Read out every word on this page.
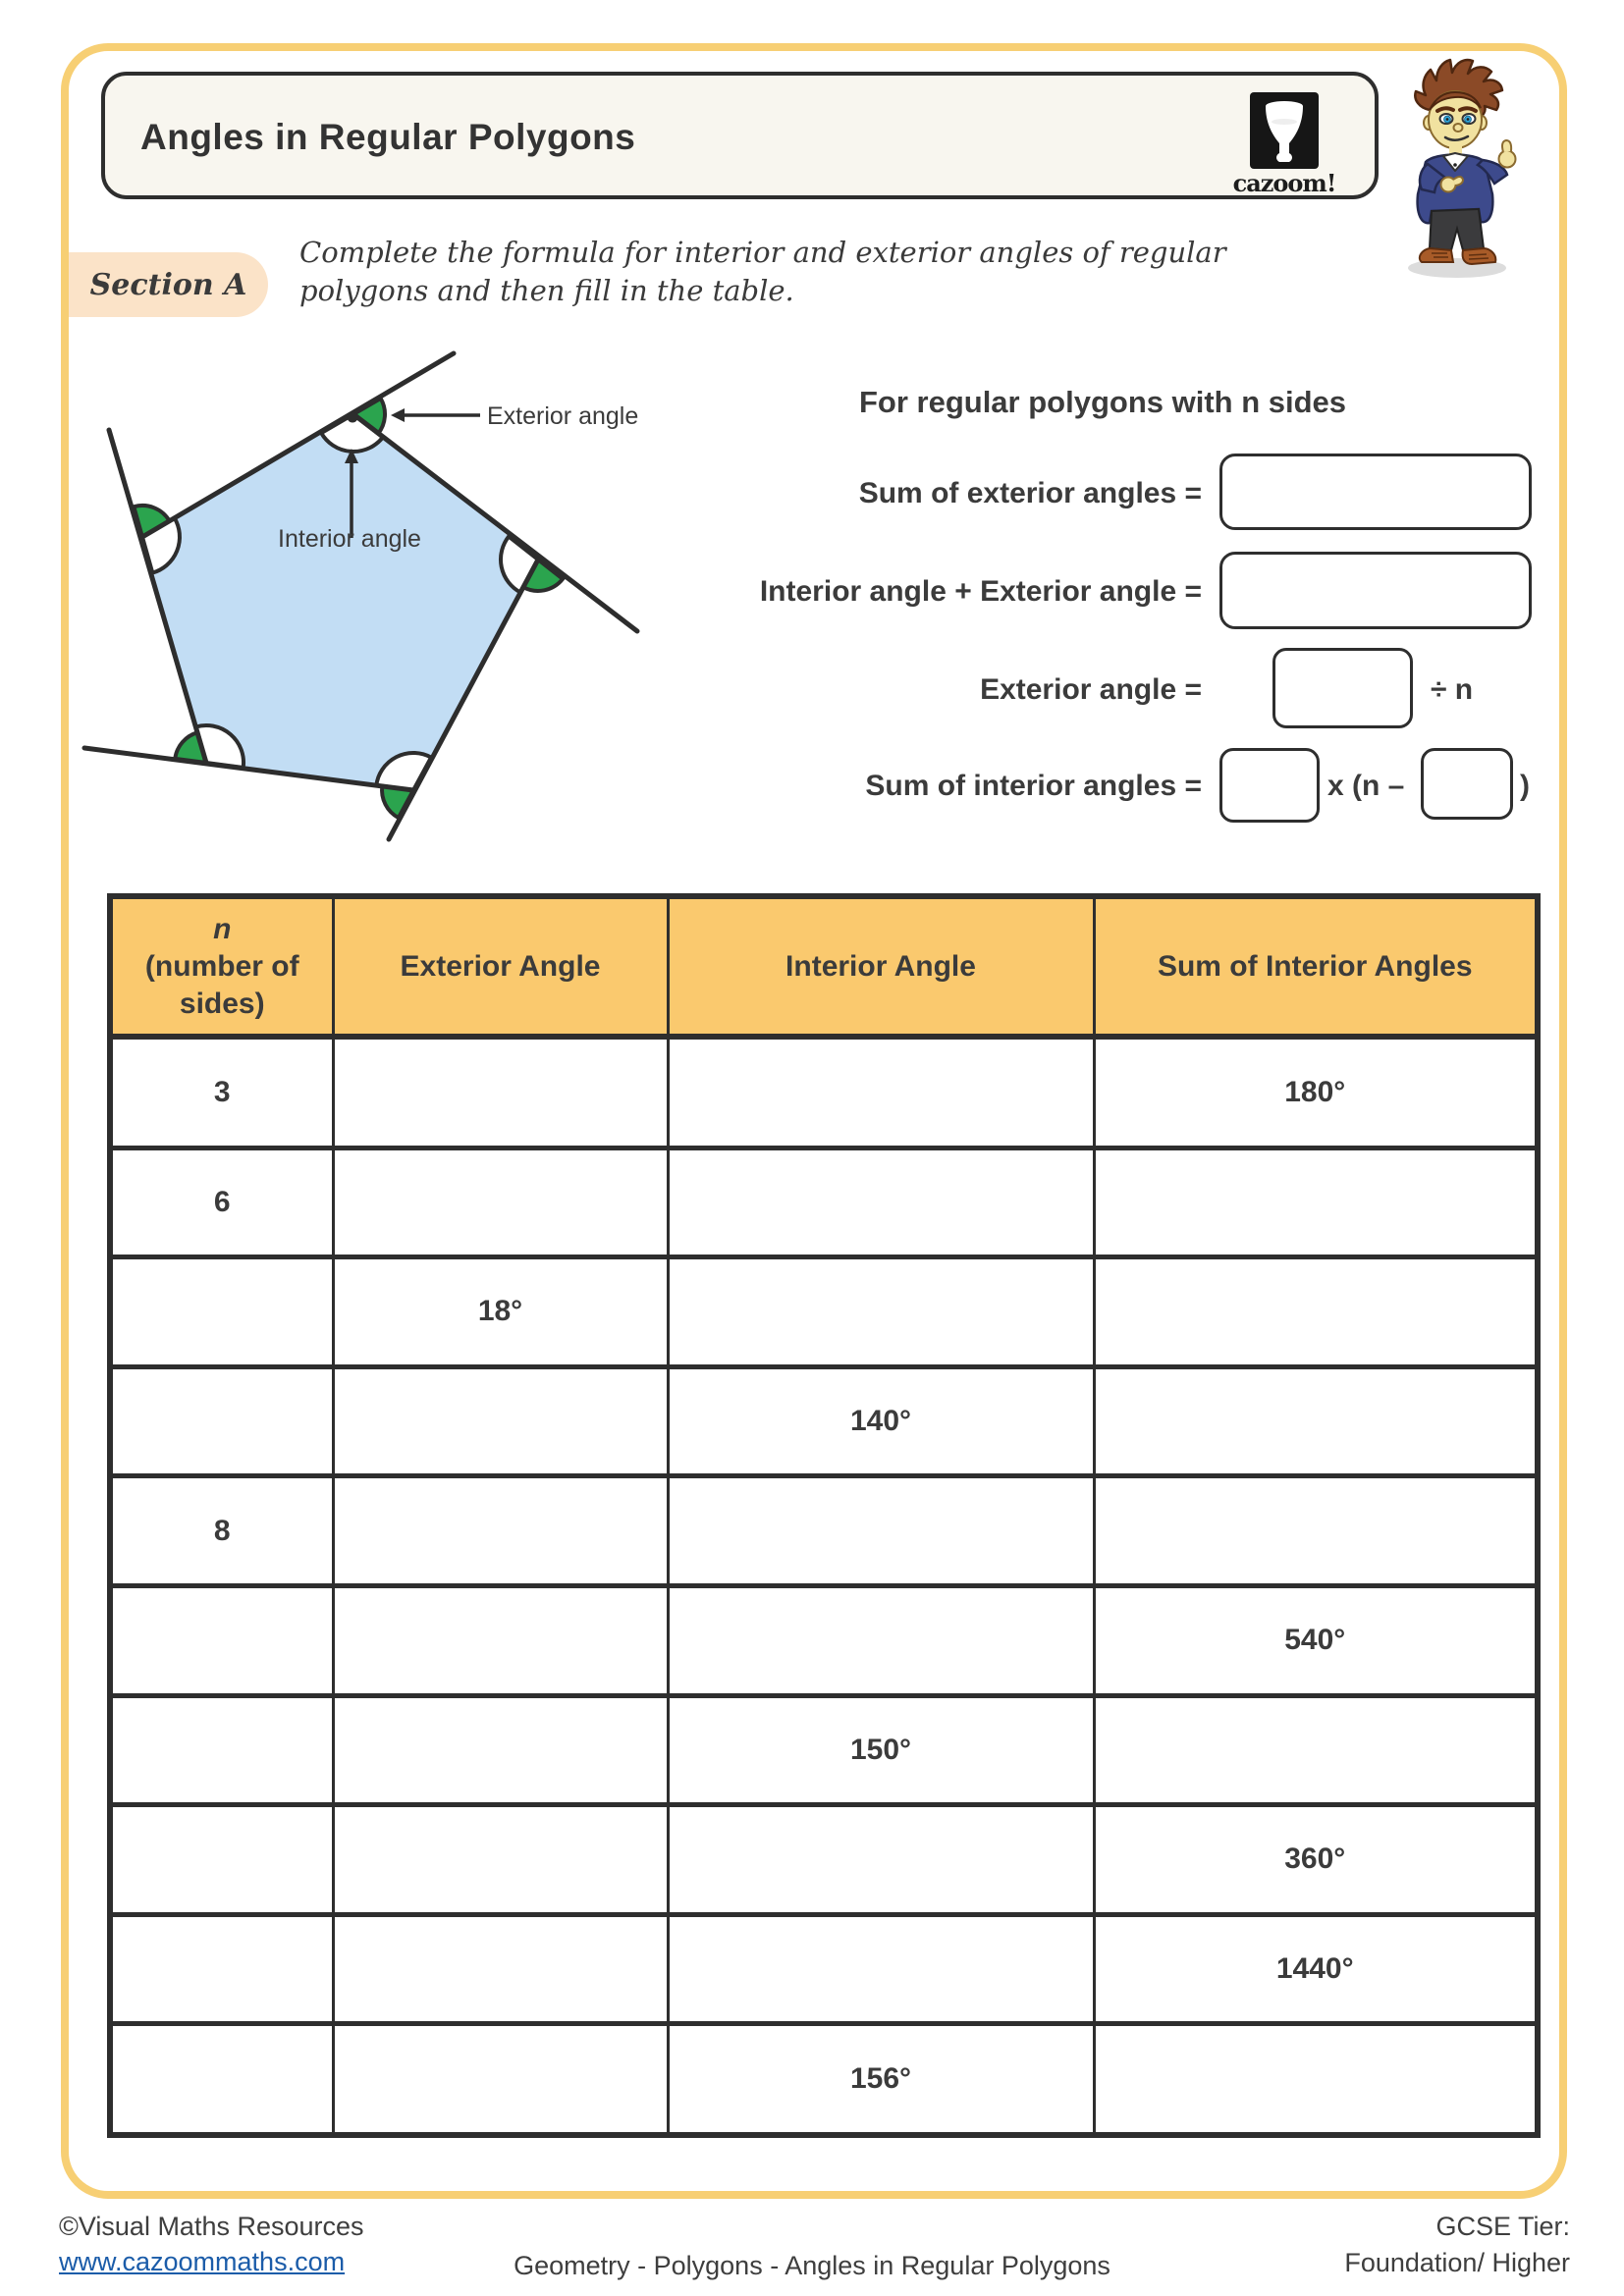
Angles in Regular Polygons
cazoom!
Section A
Complete the formula for interior and exterior angles of regular
polygons and then fill in the table.
Exterior angle
Interior angle
For regular polygons with n sides
Sum of exterior angles =
Interior angle + Exterior angle =
Exterior angle =	÷ n
Sum of interior angles =	x (n –	)
n
(number of sides)	Exterior Angle	Interior Angle	Sum of Interior Angles
3			180°
6			
	18°		
		140°	
8			
			540°
		150°	
			360°
			1440°
		156°	
©Visual Maths Resources
www.cazoommaths.com	Geometry - Polygons - Angles in Regular Polygons
GCSE Tier:
Foundation/ Higher
